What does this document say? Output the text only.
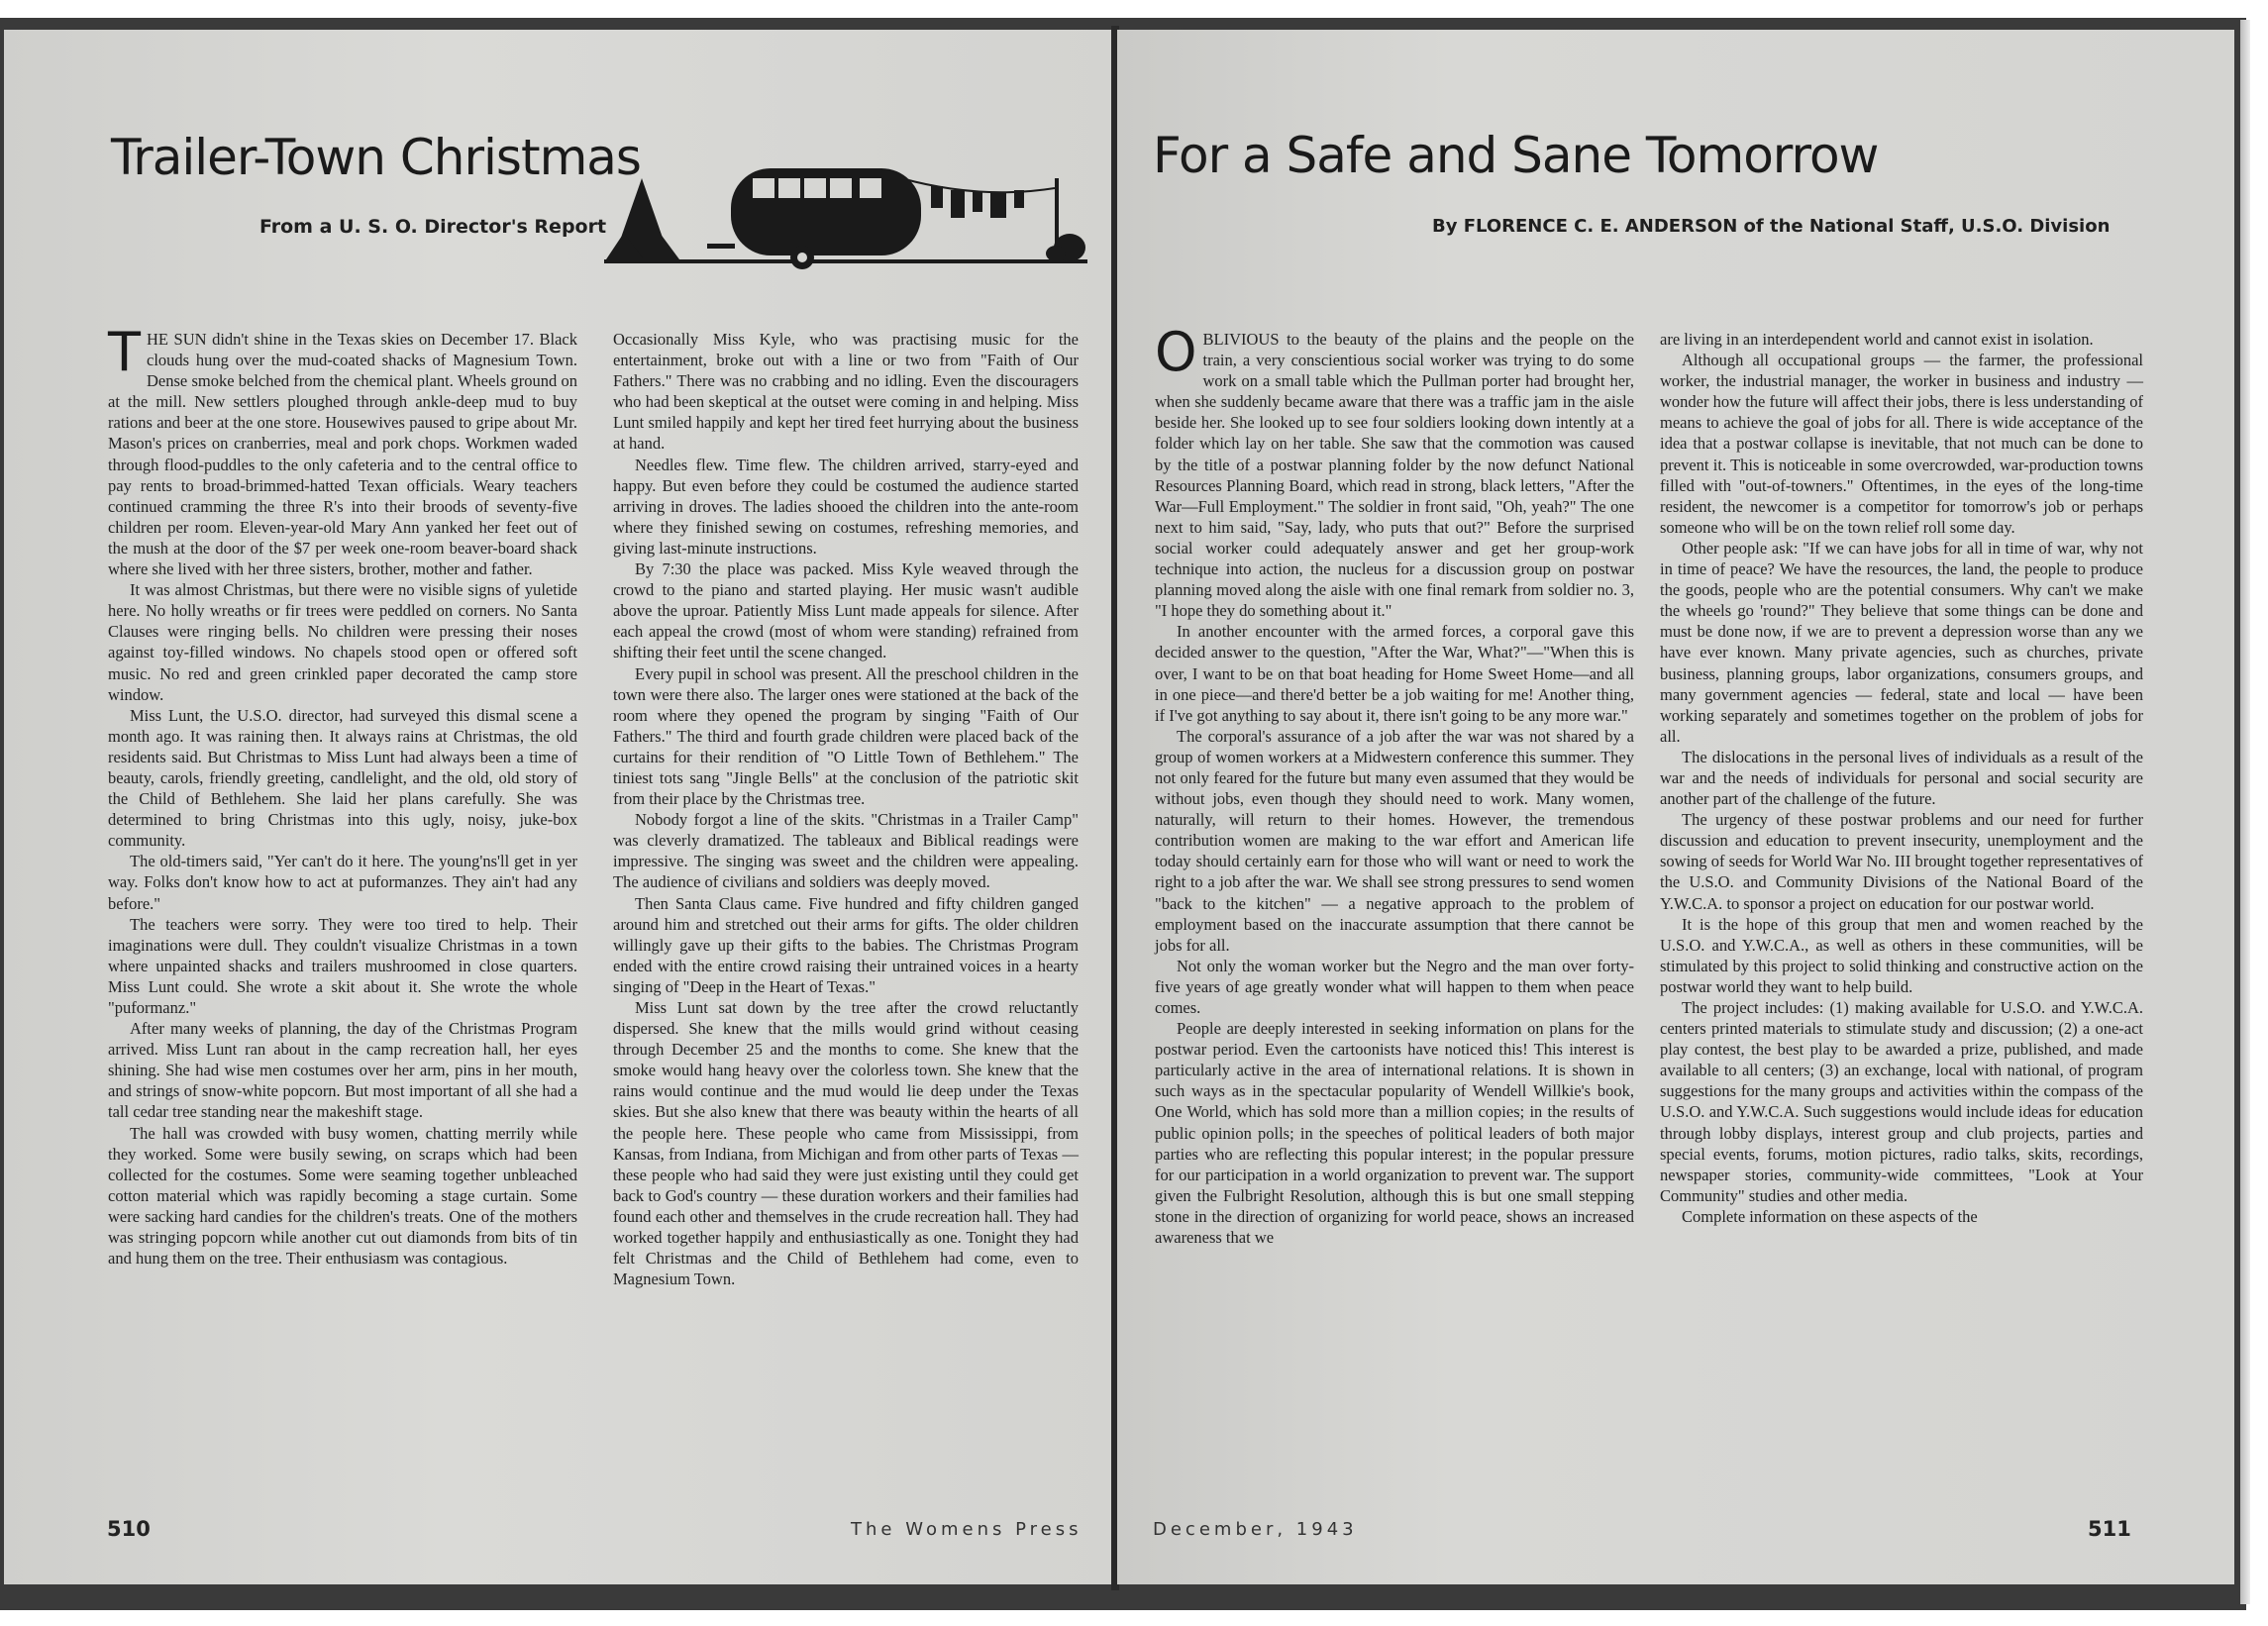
Trailer-Town Christmas
From a U. S. O. Director's Report

THE SUN didn't shine in the Texas skies on December 17. Black clouds hung over the mud-coated shacks of Magnesium Town. Dense smoke belched from the chemical plant. Wheels ground on at the mill. New settlers ploughed through ankle-deep mud to buy rations and beer at the one store. Housewives paused to gripe about Mr. Mason's prices on cranberries, meal and pork chops. Workmen waded through flood-puddles to the only cafeteria and to the central office to pay rents to broad-brimmed-hatted Texan officials. Weary teachers continued cramming the three R's into their broods of seventy-five children per room. Eleven-year-old Mary Ann yanked her feet out of the mush at the door of the $7 per week one-room beaver-board shack where she lived with her three sisters, brother, mother and father.

It was almost Christmas, but there were no visible signs of yuletide here. No holly wreaths or fir trees were peddled on corners. No Santa Clauses were ringing bells. No children were pressing their noses against toy-filled windows. No chapels stood open or offered soft music. No red and green crinkled paper decorated the camp store window.

Miss Lunt, the U.S.O. director, had surveyed this dismal scene a month ago. It was raining then. It always rains at Christmas, the old residents said. But Christmas to Miss Lunt had always been a time of beauty, carols, friendly greeting, candlelight, and the old, old story of the Child of Bethlehem. She laid her plans carefully. She was determined to bring Christmas into this ugly, noisy, juke-box community.

The old-timers said, "Yer can't do it here. The young'ns'll get in yer way. Folks don't know how to act at puformanzes. They ain't had any before."

The teachers were sorry. They were too tired to help. Their imaginations were dull. They couldn't visualize Christmas in a town where unpainted shacks and trailers mushroomed in close quarters. Miss Lunt could. She wrote a skit about it. She wrote the whole "puformanz."

After many weeks of planning, the day of the Christmas Program arrived. Miss Lunt ran about in the camp recreation hall, her eyes shining. She had wise men costumes over her arm, pins in her mouth, and strings of snow-white popcorn. But most important of all she had a tall cedar tree standing near the makeshift stage.

The hall was crowded with busy women, chatting merrily while they worked. Some were busily sewing, on scraps which had been collected for the costumes. Some were seaming together unbleached cotton material which was rapidly becoming a stage curtain. Some were sacking hard candies for the children's treats. One of the mothers was stringing popcorn while another cut out diamonds from bits of tin and hung them on the tree. Their enthusiasm was contagious.

Occasionally Miss Kyle, who was practising music for the entertainment, broke out with a line or two from "Faith of Our Fathers." There was no crabbing and no idling. Even the discouragers who had been skeptical at the outset were coming in and helping. Miss Lunt smiled happily and kept her tired feet hurrying about the business at hand.

Needles flew. Time flew. The children arrived, starry-eyed and happy. But even before they could be costumed the audience started arriving in droves. The ladies shooed the children into the ante-room where they finished sewing on costumes, refreshing memories, and giving last-minute instructions.

By 7:30 the place was packed. Miss Kyle weaved through the crowd to the piano and started playing. Her music wasn't audible above the uproar. Patiently Miss Lunt made appeals for silence. After each appeal the crowd (most of whom were standing) refrained from shifting their feet until the scene changed.

Every pupil in school was present. All the preschool children in the town were there also. The larger ones were stationed at the back of the room where they opened the program by singing "Faith of Our Fathers." The third and fourth grade children were placed back of the curtains for their rendition of "O Little Town of Bethlehem." The tiniest tots sang "Jingle Bells" at the conclusion of the patriotic skit from their place by the Christmas tree.

Nobody forgot a line of the skits. "Christmas in a Trailer Camp" was cleverly dramatized. The tableaux and Biblical readings were impressive. The singing was sweet and the children were appealing. The audience of civilians and soldiers was deeply moved.

Then Santa Claus came. Five hundred and fifty children ganged around him and stretched out their arms for gifts. The older children willingly gave up their gifts to the babies. The Christmas Program ended with the entire crowd raising their untrained voices in a hearty singing of "Deep in the Heart of Texas."

Miss Lunt sat down by the tree after the crowd reluctantly dispersed. She knew that the mills would grind without ceasing through December 25 and the months to come. She knew that the smoke would hang heavy over the colorless town. She knew that the rains would continue and the mud would lie deep under the Texas skies. But she also knew that there was beauty within the hearts of all the people here. These people who came from Mississippi, from Kansas, from Indiana, from Michigan and from other parts of Texas — these people who had said they were just existing until they could get back to God's country — these duration workers and their families had found each other and themselves in the crude recreation hall. They had worked together happily and enthusiastically as one. Tonight they had felt Christmas and the Child of Bethlehem had come, even to Magnesium Town.

510	The Womens Press
For a Safe and Sane Tomorrow
By FLORENCE C. E. ANDERSON of the National Staff, U.S.O. Division

OBLIVIOUS to the beauty of the plains and the people on the train, a very conscientious social worker was trying to do some work on a small table which the Pullman porter had brought her, when she suddenly became aware that there was a traffic jam in the aisle beside her. She looked up to see four soldiers looking down intently at a folder which lay on her table. She saw that the commotion was caused by the title of a postwar planning folder by the now defunct National Resources Planning Board, which read in strong, black letters, "After the War—Full Employment." The soldier in front said, "Oh, yeah?" The one next to him said, "Say, lady, who puts that out?" Before the surprised social worker could adequately answer and get her group-work technique into action, the nucleus for a discussion group on postwar planning moved along the aisle with one final remark from soldier no. 3, "I hope they do something about it."

In another encounter with the armed forces, a corporal gave this decided answer to the question, "After the War, What?"—"When this is over, I want to be on that boat heading for Home Sweet Home—and all in one piece—and there'd better be a job waiting for me! Another thing, if I've got anything to say about it, there isn't going to be any more war."

The corporal's assurance of a job after the war was not shared by a group of women workers at a Midwestern conference this summer. They not only feared for the future but many even assumed that they would be without jobs, even though they should need to work. Many women, naturally, will return to their homes. However, the tremendous contribution women are making to the war effort and American life today should certainly earn for those who will want or need to work the right to a job after the war. We shall see strong pressures to send women "back to the kitchen" — a negative approach to the problem of employment based on the inaccurate assumption that there cannot be jobs for all.

Not only the woman worker but the Negro and the man over forty-five years of age greatly wonder what will happen to them when peace comes.

People are deeply interested in seeking information on plans for the postwar period. Even the cartoonists have noticed this! This interest is particularly active in the area of international relations. It is shown in such ways as in the spectacular popularity of Wendell Willkie's book, One World, which has sold more than a million copies; in the results of public opinion polls; in the speeches of political leaders of both major parties who are reflecting this popular interest; in the popular pressure for our participation in a world organization to prevent war. The support given the Fulbright Resolution, although this is but one small stepping stone in the direction of organizing for world peace, shows an increased awareness that we

are living in an interdependent world and cannot exist in isolation.

Although all occupational groups — the farmer, the professional worker, the industrial manager, the worker in business and industry — wonder how the future will affect their jobs, there is less understanding of means to achieve the goal of jobs for all. There is wide acceptance of the idea that a postwar collapse is inevitable, that not much can be done to prevent it. This is noticeable in some overcrowded, war-production towns filled with "out-of-towners." Oftentimes, in the eyes of the long-time resident, the newcomer is a competitor for tomorrow's job or perhaps someone who will be on the town relief roll some day.

Other people ask: "If we can have jobs for all in time of war, why not in time of peace? We have the resources, the land, the people to produce the goods, people who are the potential consumers. Why can't we make the wheels go 'round?" They believe that some things can be done and must be done now, if we are to prevent a depression worse than any we have ever known. Many private agencies, such as churches, private business, planning groups, labor organizations, consumers groups, and many government agencies — federal, state and local — have been working separately and sometimes together on the problem of jobs for all.

The dislocations in the personal lives of individuals as a result of the war and the needs of individuals for personal and social security are another part of the challenge of the future.

The urgency of these postwar problems and our need for further discussion and education to prevent insecurity, unemployment and the sowing of seeds for World War No. III brought together representatives of the U.S.O. and Community Divisions of the National Board of the Y.W.C.A. to sponsor a project on education for our postwar world.

It is the hope of this group that men and women reached by the U.S.O. and Y.W.C.A., as well as others in these communities, will be stimulated by this project to solid thinking and constructive action on the postwar world they want to help build.

The project includes: (1) making available for U.S.O. and Y.W.C.A. centers printed materials to stimulate study and discussion; (2) a one-act play contest, the best play to be awarded a prize, published, and made available to all centers; (3) an exchange, local with national, of program suggestions for the many groups and activities within the compass of the U.S.O. and Y.W.C.A. Such suggestions would include ideas for education through lobby displays, interest group and club projects, parties and special events, forums, motion pictures, radio talks, skits, recordings, newspaper stories, community-wide committees, "Look at Your Community" studies and other media.

Complete information on these aspects of the

December, 1943	511
